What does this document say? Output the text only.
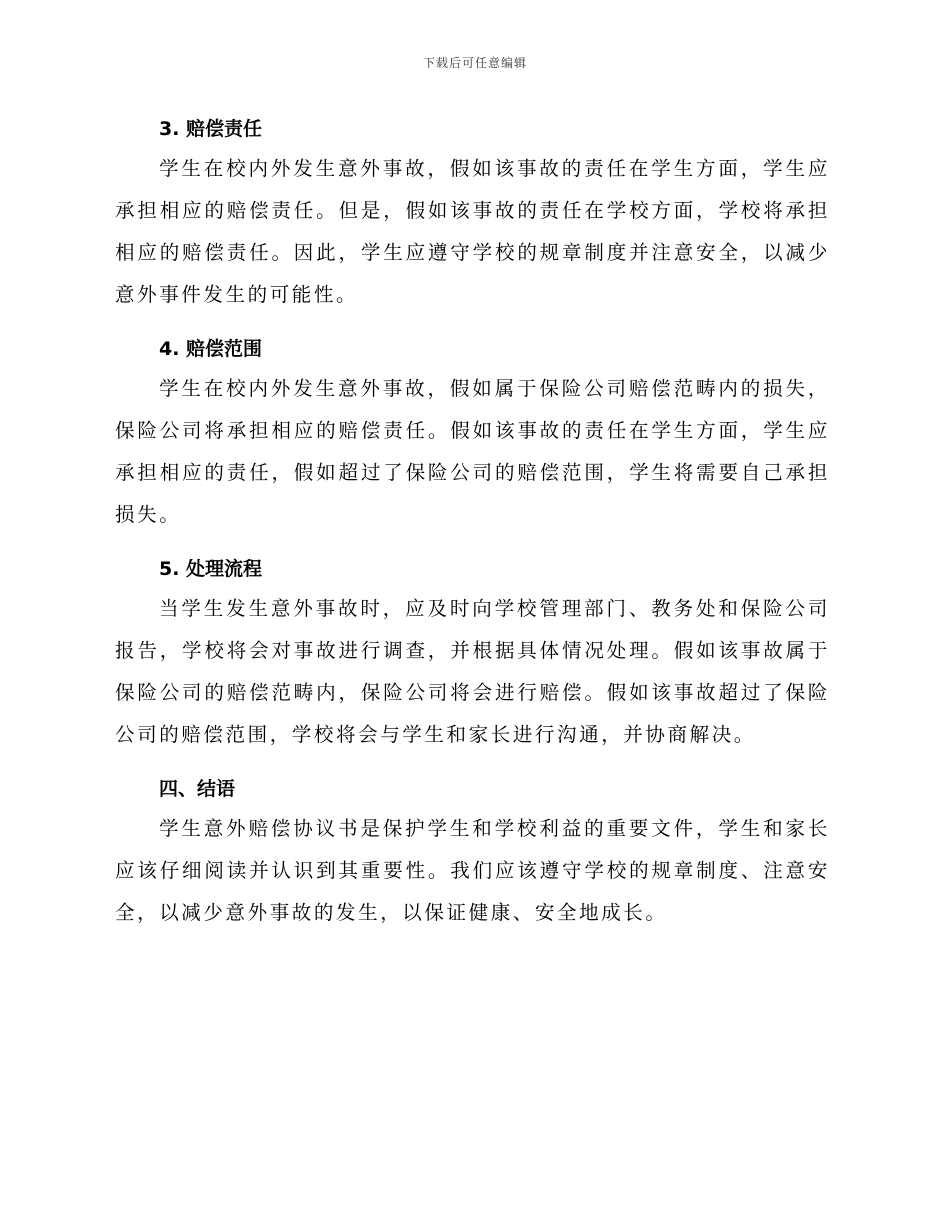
下载后可任意编辑
3. 赔偿责任

学生在校内外发生意外事故，假如该事故的责任在学生方面，学生应承担相应的赔偿责任。但是，假如该事故的责任在学校方面，学校将承担相应的赔偿责任。因此，学生应遵守学校的规章制度并注意安全，以减少意外事件发生的可能性。

4. 赔偿范围

学生在校内外发生意外事故，假如属于保险公司赔偿范畴内的损失，保险公司将承担相应的赔偿责任。假如该事故的责任在学生方面，学生应承担相应的责任，假如超过了保险公司的赔偿范围，学生将需要自己承担损失。

5. 处理流程

当学生发生意外事故时，应及时向学校管理部门、教务处和保险公司报告，学校将会对事故进行调查，并根据具体情况处理。假如该事故属于保险公司的赔偿范畴内，保险公司将会进行赔偿。假如该事故超过了保险公司的赔偿范围，学校将会与学生和家长进行沟通，并协商解决。

四、结语

学生意外赔偿协议书是保护学生和学校利益的重要文件，学生和家长应该仔细阅读并认识到其重要性。我们应该遵守学校的规章制度、注意安全，以减少意外事故的发生，以保证健康、安全地成长。
